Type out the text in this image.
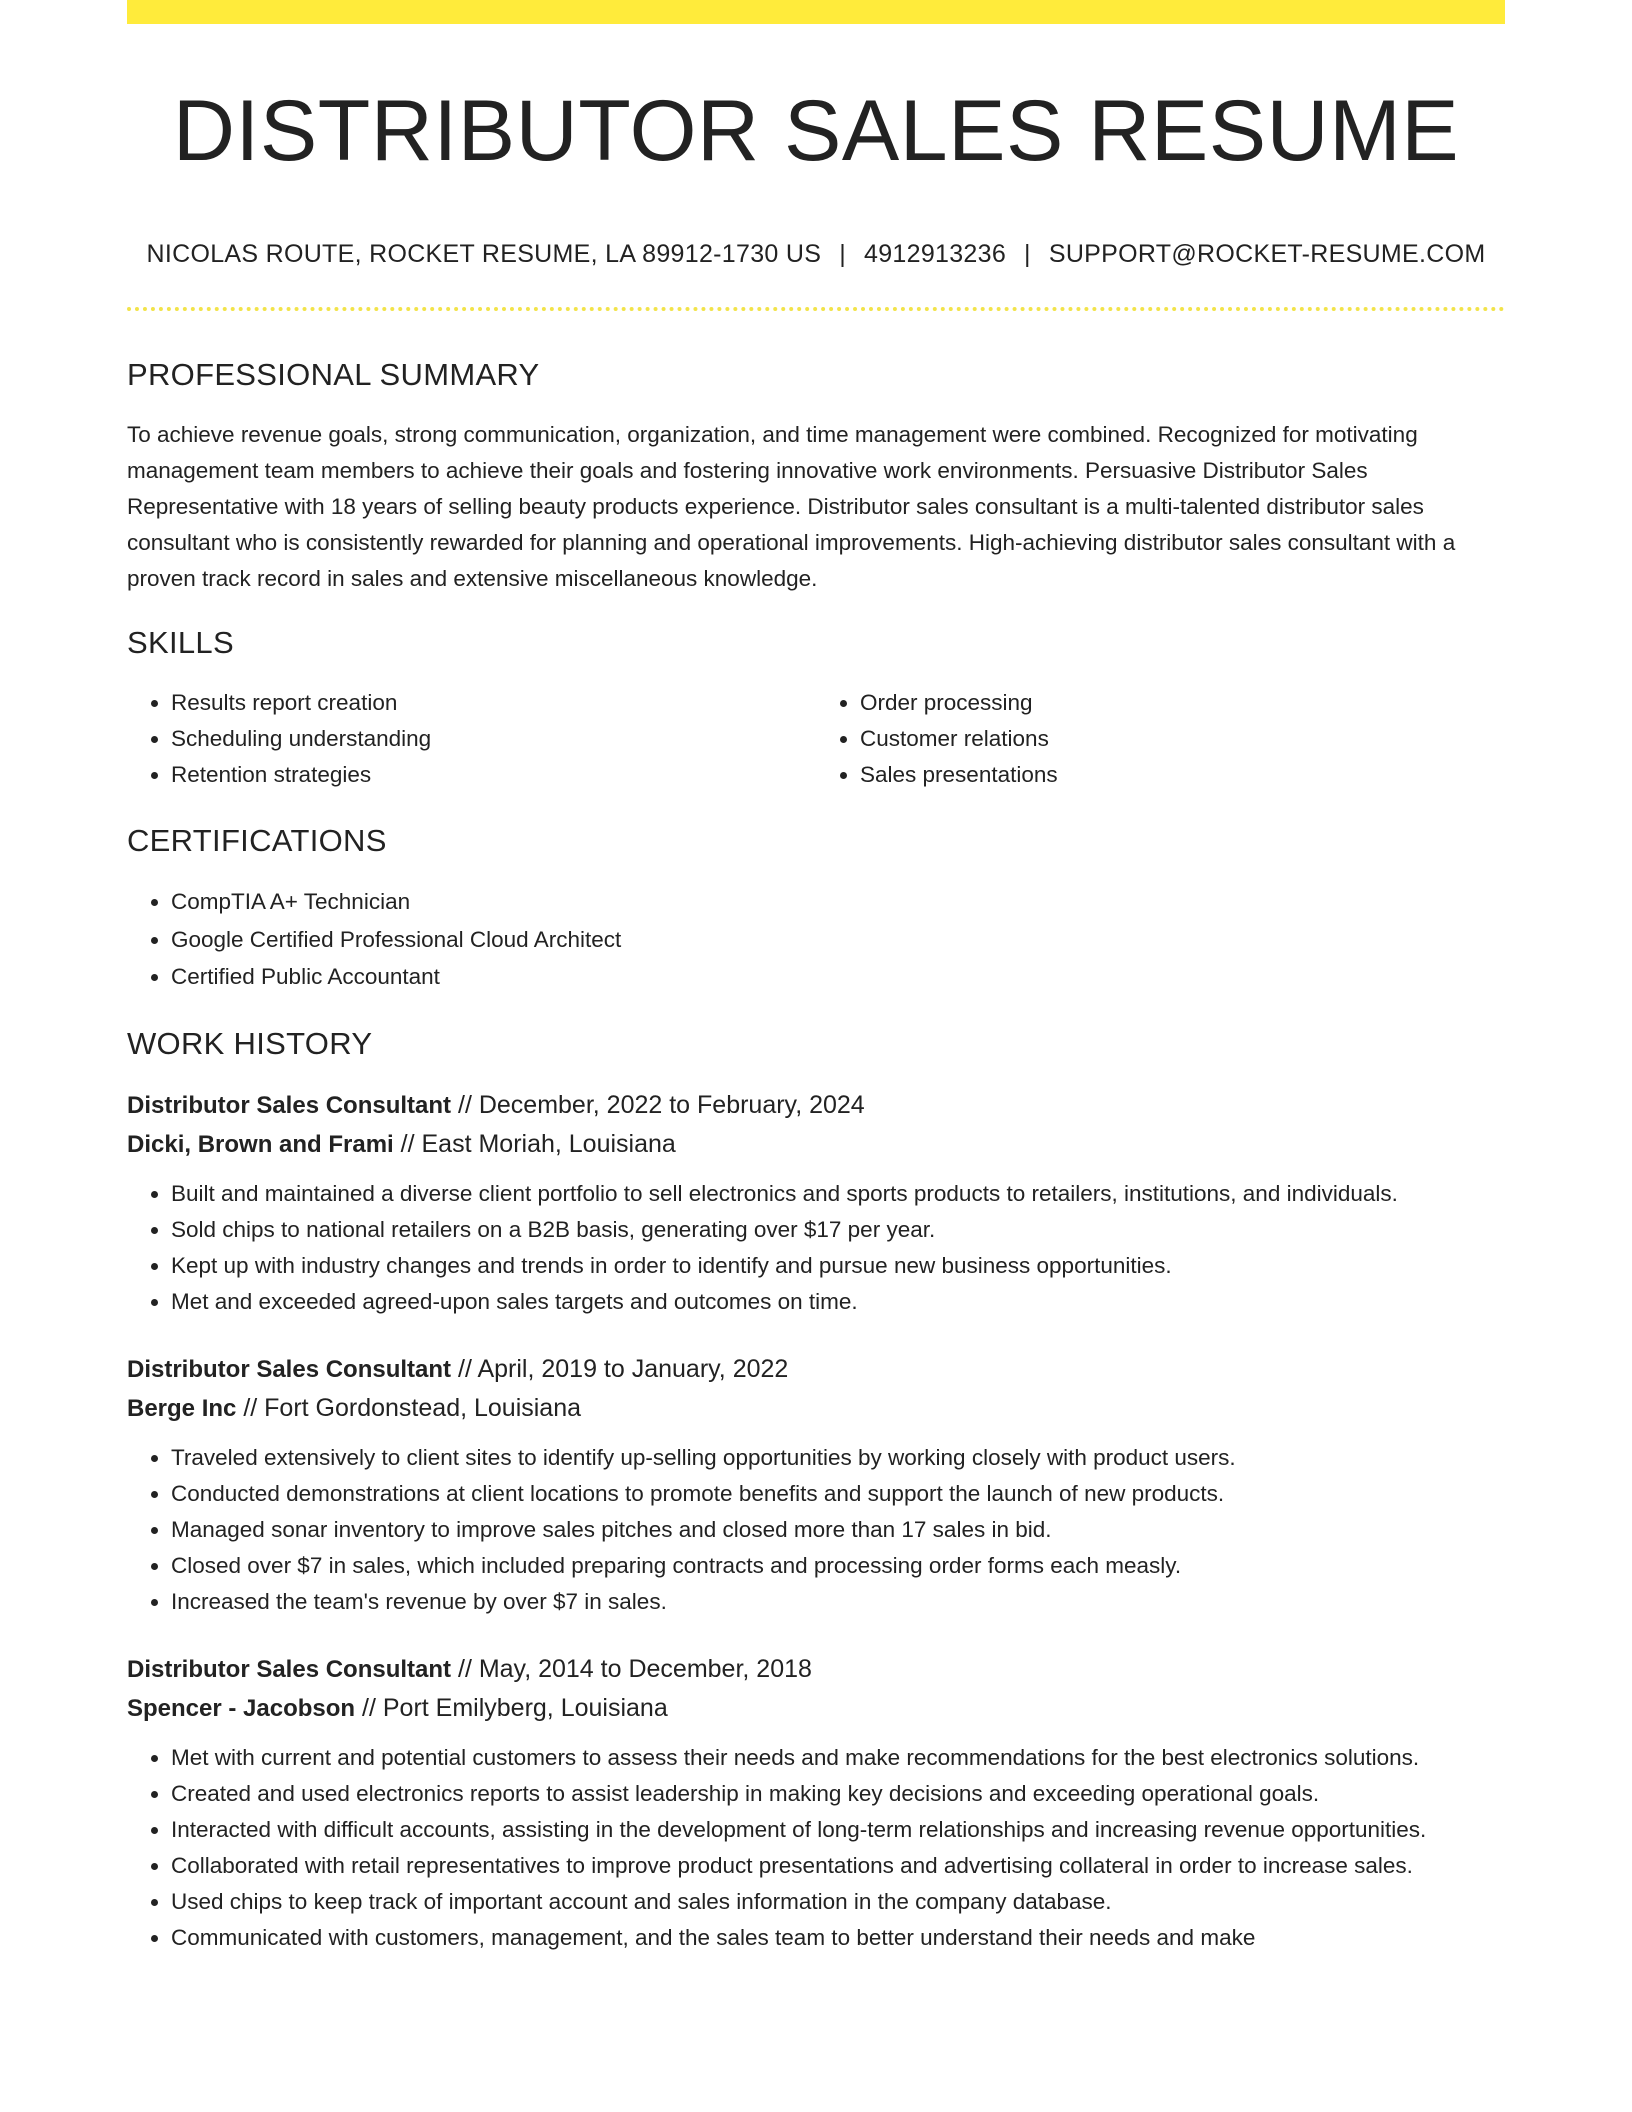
DISTRIBUTOR SALES RESUME
NICOLAS ROUTE, ROCKET RESUME, LA 89912-1730 US | 4912913236 | SUPPORT@ROCKET-RESUME.COM
PROFESSIONAL SUMMARY

To achieve revenue goals, strong communication, organization, and time management were combined. Recognized for motivating management team members to achieve their goals and fostering innovative work environments. Persuasive Distributor Sales Representative with 18 years of selling beauty products experience. Distributor sales consultant is a multi-talented distributor sales consultant who is consistently rewarded for planning and operational improvements. High-achieving distributor sales consultant with a proven track record in sales and extensive miscellaneous knowledge.

SKILLS
• Results report creation
• Scheduling understanding
• Retention strategies
• Order processing
• Customer relations
• Sales presentations
CERTIFICATIONS
• CompTIA A+ Technician
• Google Certified Professional Cloud Architect
• Certified Public Accountant
WORK HISTORY
Distributor Sales Consultant // December, 2022 to February, 2024
Dicki, Brown and Frami // East Moriah, Louisiana
• Built and maintained a diverse client portfolio to sell electronics and sports products to retailers, institutions, and individuals.
• Sold chips to national retailers on a B2B basis, generating over $17 per year.
• Kept up with industry changes and trends in order to identify and pursue new business opportunities.
• Met and exceeded agreed-upon sales targets and outcomes on time.
Distributor Sales Consultant // April, 2019 to January, 2022
Berge Inc // Fort Gordonstead, Louisiana
• Traveled extensively to client sites to identify up-selling opportunities by working closely with product users.
• Conducted demonstrations at client locations to promote benefits and support the launch of new products.
• Managed sonar inventory to improve sales pitches and closed more than 17 sales in bid.
• Closed over $7 in sales, which included preparing contracts and processing order forms each measly.
• Increased the team's revenue by over $7 in sales.
Distributor Sales Consultant // May, 2014 to December, 2018
Spencer - Jacobson // Port Emilyberg, Louisiana
• Met with current and potential customers to assess their needs and make recommendations for the best electronics solutions.
• Created and used electronics reports to assist leadership in making key decisions and exceeding operational goals.
• Interacted with difficult accounts, assisting in the development of long-term relationships and increasing revenue opportunities.
• Collaborated with retail representatives to improve product presentations and advertising collateral in order to increase sales.
• Used chips to keep track of important account and sales information in the company database.
• Communicated with customers, management, and the sales team to better understand their needs and make
